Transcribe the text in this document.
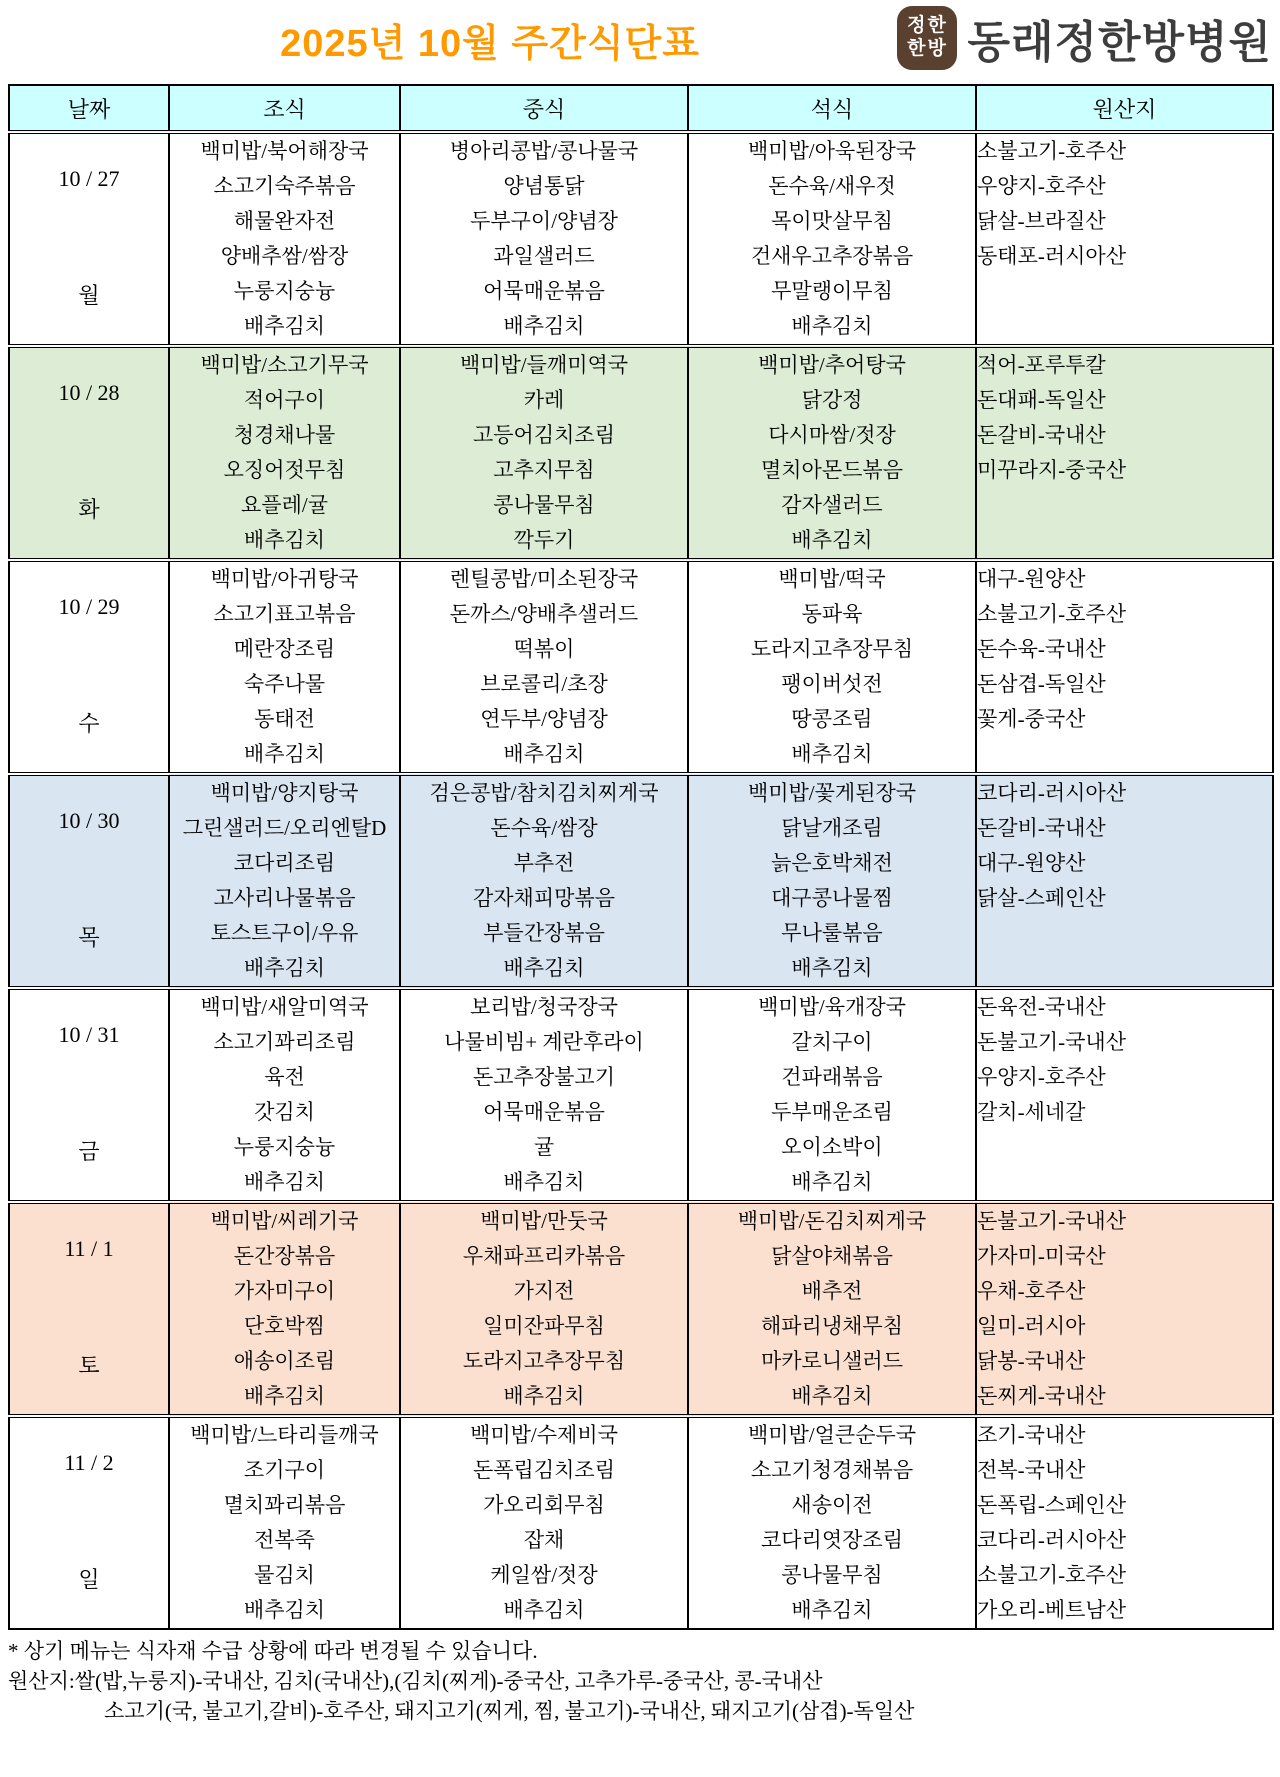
2025년 10월 주간식단표	정한
한방 동래정한방병원
날짜	조식	중식	석식	원산지

10 / 27
월

백미밥/북어해장국
소고기숙주볶음
해물완자전
양배추쌈/쌈장
누룽지숭늉
배추김치

병아리콩밥/콩나물국
양념통닭
두부구이/양념장
과일샐러드
어묵매운볶음
배추김치

백미밥/아욱된장국
돈수육/새우젓
목이맛살무침
건새우고추장볶음
무말랭이무침
배추김치

소불고기-호주산
우양지-호주산
닭살-브라질산
동태포-러시아산

10 / 28
화

백미밥/소고기무국
적어구이
청경채나물
오징어젓무침
요플레/귤
배추김치

백미밥/들깨미역국
카레
고등어김치조림
고추지무침
콩나물무침
깍두기

백미밥/추어탕국
닭강정
다시마쌈/젓장
멸치아몬드볶음
감자샐러드
배추김치

적어-포루투칼
돈대패-독일산
돈갈비-국내산
미꾸라지-중국산

10 / 29
수

백미밥/아귀탕국
소고기표고볶음
메란장조림
숙주나물
동태전
배추김치

렌틸콩밥/미소된장국
돈까스/양배추샐러드
떡볶이
브로콜리/초장
연두부/양념장
배추김치

백미밥/떡국
동파육
도라지고추장무침
팽이버섯전
땅콩조림
배추김치

대구-원양산
소불고기-호주산
돈수육-국내산
돈삼겹-독일산
꽃게-중국산

10 / 30
목

백미밥/양지탕국
그린샐러드/오리엔탈D
코다리조림
고사리나물볶음
토스트구이/우유
배추김치

검은콩밥/참치김치찌게국
돈수육/쌈장
부추전
감자채피망볶음
부들간장볶음
배추김치

백미밥/꽃게된장국
닭날개조림
늙은호박채전
대구콩나물찜
무나룰볶음
배추김치

코다리-러시아산
돈갈비-국내산
대구-원양산
닭살-스페인산

10 / 31
금

백미밥/새알미역국
소고기꽈리조림
육전
갓김치
누룽지숭늉
배추김치

보리밥/청국장국
나물비빔+ 계란후라이
돈고추장불고기
어묵매운볶음
귤
배추김치

백미밥/육개장국
갈치구이
건파래볶음
두부매운조림
오이소박이
배추김치

돈육전-국내산
돈불고기-국내산
우양지-호주산
갈치-세네갈

11 / 1
토

백미밥/씨레기국
돈간장볶음
가자미구이
단호박찜
애송이조림
배추김치

백미밥/만둣국
우채파프리카볶음
가지전
일미잔파무침
도라지고추장무침
배추김치

백미밥/돈김치찌게국
닭살야채볶음
배추전
해파리냉채무침
마카로니샐러드
배추김치

돈불고기-국내산
가자미-미국산
우채-호주산
일미-러시아
닭봉-국내산
돈찌게-국내산

11 / 2
일

백미밥/느타리들깨국
조기구이
멸치꽈리볶음
전복죽
물김치
배추김치

백미밥/수제비국
돈폭립김치조림
가오리회무침
잡채
케일쌈/젓장
배추김치

백미밥/얼큰순두국
소고기청경채볶음
새송이전
코다리엿장조림
콩나물무침
배추김치

조기-국내산
전복-국내산
돈폭립-스페인산
코다리-러시아산
소불고기-호주산
가오리-베트남산
* 상기 메뉴는 식자재 수급 상황에 따라 변경될 수 있습니다.
원산지:쌀(밥,누룽지)-국내산, 김치(국내산),(김치(찌게)-중국산, 고추가루-중국산, 콩-국내산
소고기(국, 불고기,갈비)-호주산, 돼지고기(찌게, 찜, 불고기)-국내산, 돼지고기(삼겹)-독일산
